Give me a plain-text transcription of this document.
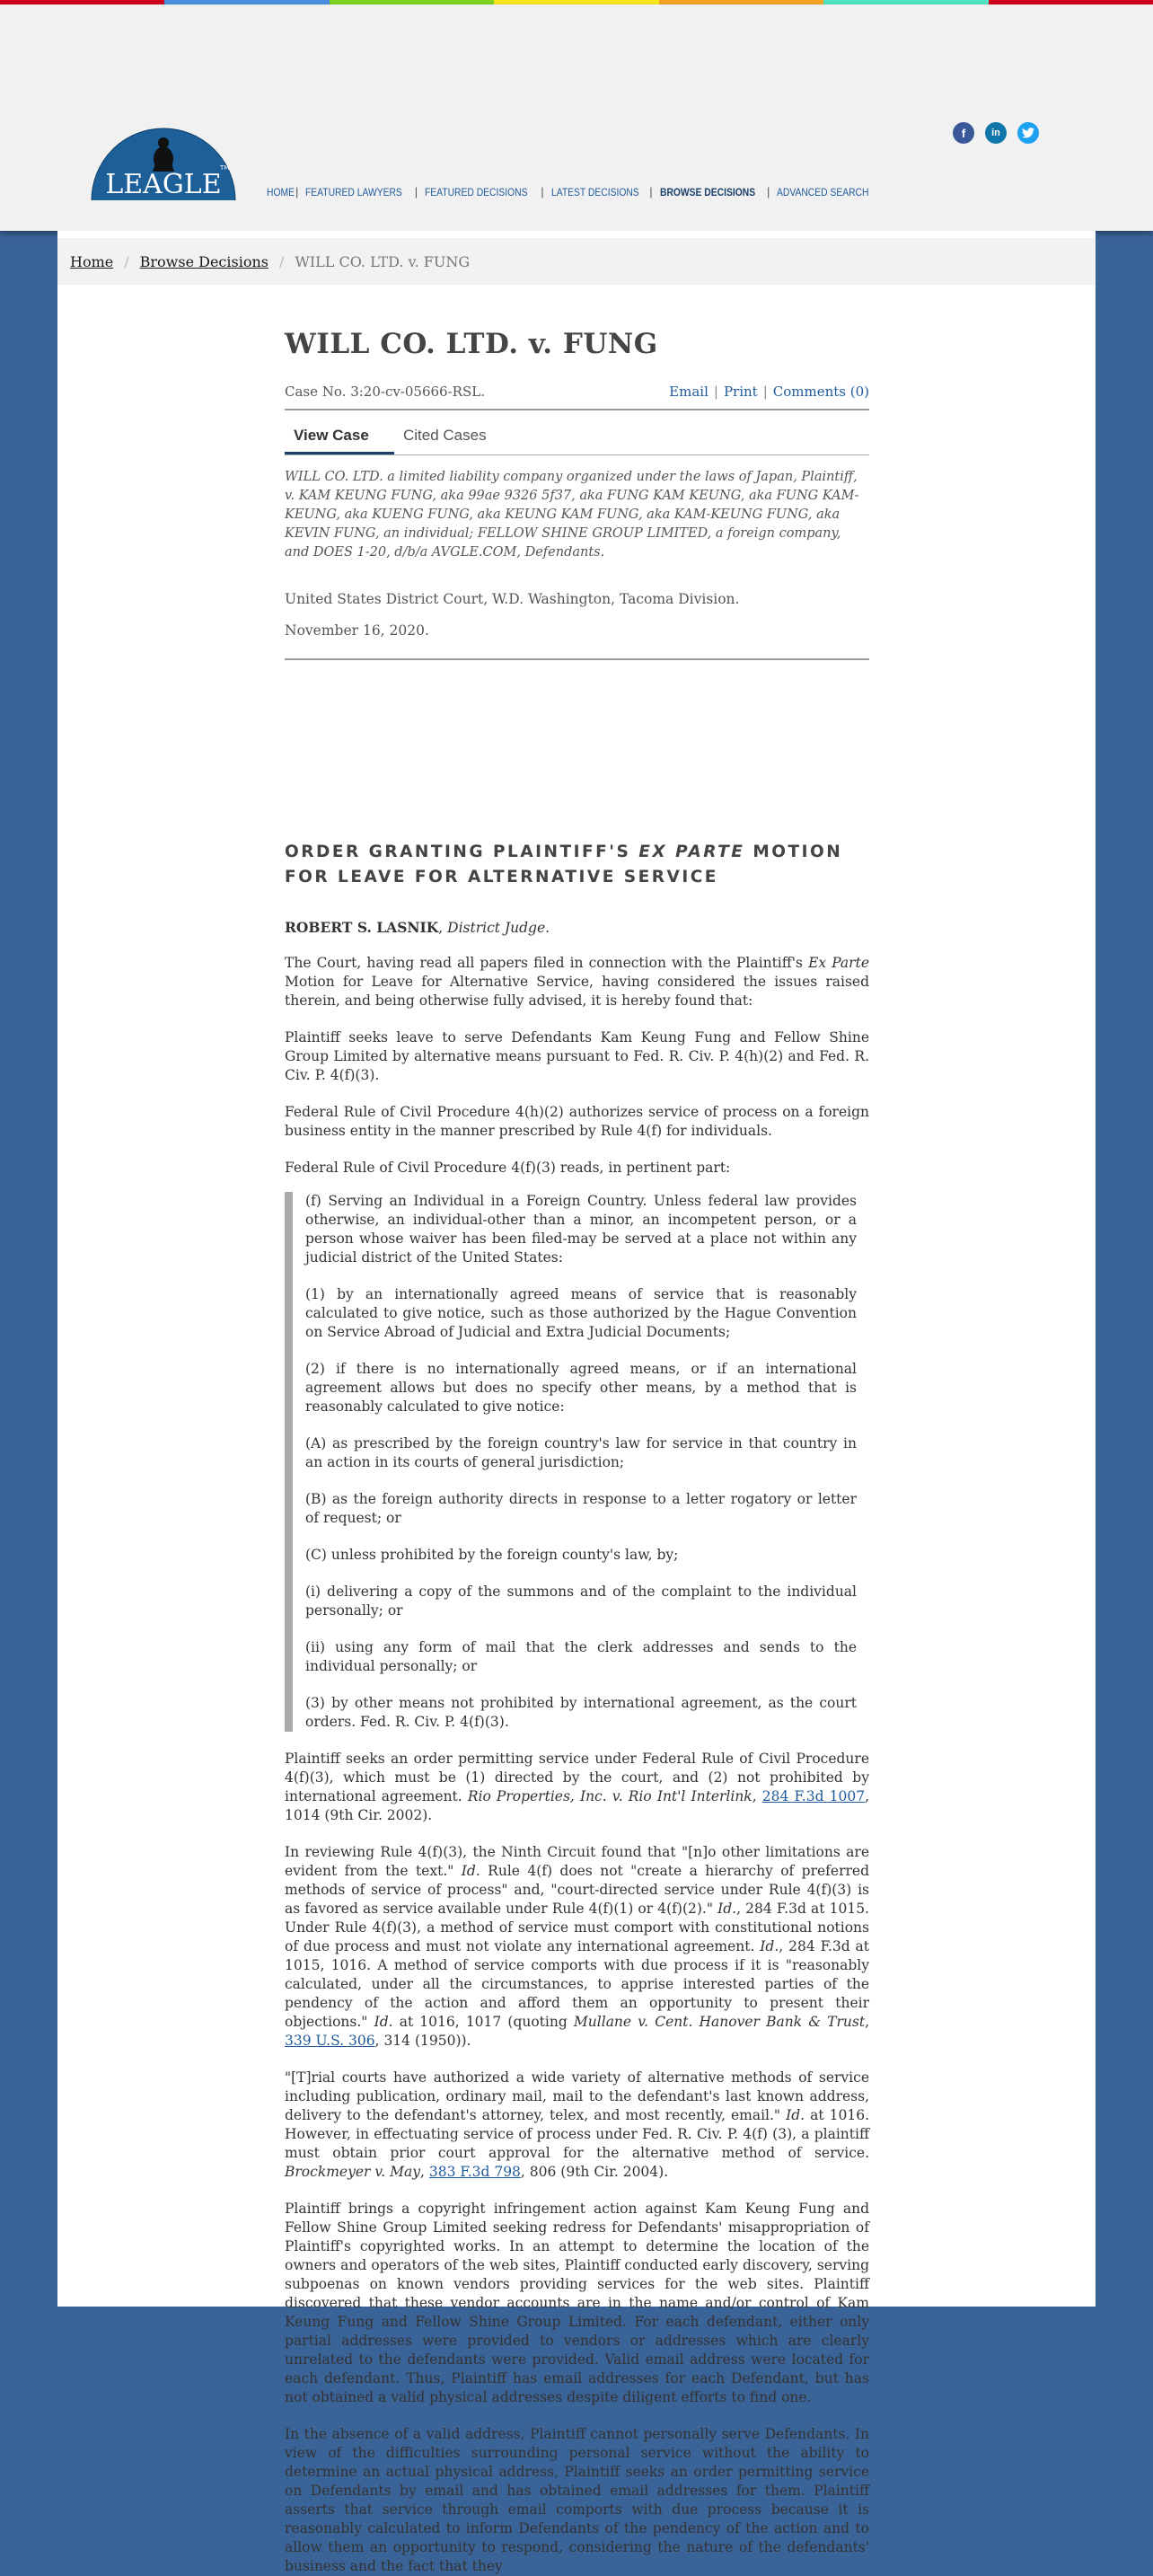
LEAGLE
TM
HOME | FEATURED LAWYERS | FEATURED DECISIONS | LATEST DECISIONS | BROWSE DECISIONS | ADVANCED SEARCH
f	in
Home / Browse Decisions / WILL CO. LTD. v. FUNG
WILL CO. LTD. v. FUNG
Case No. 3:20-cv-05666-RSL.	Email | Print | Comments (0)
View Case	Cited Cases

WILL CO. LTD. a limited liability company organized under the laws of Japan, Plaintiff, v. KAM KEUNG FUNG, aka 99ae 9326 5f37, aka FUNG KAM KEUNG, aka FUNG KAM-KEUNG, aka KUENG FUNG, aka KEUNG KAM FUNG, aka KAM-KEUNG FUNG, aka KEVIN FUNG, an individual; FELLOW SHINE GROUP LIMITED, a foreign company, and DOES 1-20, d/b/a AVGLE.COM, Defendants.

United States District Court, W.D. Washington, Tacoma Division.

November 16, 2020.

ORDER GRANTING PLAINTIFF'S EX PARTE MOTION FOR LEAVE FOR ALTERNATIVE SERVICE

ROBERT S. LASNIK, District Judge.

The Court, having read all papers filed in connection with the Plaintiff's Ex Parte Motion for Leave for Alternative Service, having considered the issues raised therein, and being otherwise fully advised, it is hereby found that:

Plaintiff seeks leave to serve Defendants Kam Keung Fung and Fellow Shine Group Limited by alternative means pursuant to Fed. R. Civ. P. 4(h)(2) and Fed. R. Civ. P. 4(f)(3).

Federal Rule of Civil Procedure 4(h)(2) authorizes service of process on a foreign business entity in the manner prescribed by Rule 4(f) for individuals.

Federal Rule of Civil Procedure 4(f)(3) reads, in pertinent part:

(f) Serving an Individual in a Foreign Country. Unless federal law provides otherwise, an individual-other than a minor, an incompetent person, or a person whose waiver has been filed-may be served at a place not within any judicial district of the United States:

(1) by an internationally agreed means of service that is reasonably calculated to give notice, such as those authorized by the Hague Convention on Service Abroad of Judicial and Extra Judicial Documents;

(2) if there is no internationally agreed means, or if an international agreement allows but does no specify other means, by a method that is reasonably calculated to give notice:

(A) as prescribed by the foreign country's law for service in that country in an action in its courts of general jurisdiction;

(B) as the foreign authority directs in response to a letter rogatory or letter of request; or

(C) unless prohibited by the foreign county's law, by;

(i) delivering a copy of the summons and of the complaint to the individual personally; or

(ii) using any form of mail that the clerk addresses and sends to the individual personally; or

(3) by other means not prohibited by international agreement, as the court orders. Fed. R. Civ. P. 4(f)(3).

Plaintiff seeks an order permitting service under Federal Rule of Civil Procedure 4(f)(3), which must be (1) directed by the court, and (2) not prohibited by international agreement. Rio Properties, Inc. v. Rio Int'l Interlink, 284 F.3d 1007, 1014 (9th Cir. 2002).

In reviewing Rule 4(f)(3), the Ninth Circuit found that "[n]o other limitations are evident from the text." Id. Rule 4(f) does not "create a hierarchy of preferred methods of service of process" and, "court-directed service under Rule 4(f)(3) is as favored as service available under Rule 4(f)(1) or 4(f)(2)." Id., 284 F.3d at 1015. Under Rule 4(f)(3), a method of service must comport with constitutional notions of due process and must not violate any international agreement. Id., 284 F.3d at 1015, 1016. A method of service comports with due process if it is "reasonably calculated, under all the circumstances, to apprise interested parties of the pendency of the action and afford them an opportunity to present their objections." Id. at 1016, 1017 (quoting Mullane v. Cent. Hanover Bank & Trust, 339 U.S. 306, 314 (1950)).

"[T]rial courts have authorized a wide variety of alternative methods of service including publication, ordinary mail, mail to the defendant's last known address, delivery to the defendant's attorney, telex, and most recently, email." Id. at 1016. However, in effectuating service of process under Fed. R. Civ. P. 4(f) (3), a plaintiff must obtain prior court approval for the alternative method of service. Brockmeyer v. May, 383 F.3d 798, 806 (9th Cir. 2004).

Plaintiff brings a copyright infringement action against Kam Keung Fung and Fellow Shine Group Limited seeking redress for Defendants' misappropriation of Plaintiff's copyrighted works. In an attempt to determine the location of the owners and operators of the web sites, Plaintiff conducted early discovery, serving subpoenas on known vendors providing services for the web sites. Plaintiff discovered that these vendor accounts are in the name and/or control of Kam Keung Fung and Fellow Shine Group Limited. For each defendant, either only partial addresses were provided to vendors or addresses which are clearly unrelated to the defendants were provided. Valid email address were located for each defendant. Thus, Plaintiff has email addresses for each Defendant, but has not obtained a valid physical addresses despite diligent efforts to find one.

In the absence of a valid address, Plaintiff cannot personally serve Defendants. In view of the difficulties surrounding personal service without the ability to determine an actual physical address, Plaintiff seeks an order permitting service on Defendants by email and has obtained email addresses for them. Plaintiff asserts that service through email comports with due process because it is reasonably calculated to inform Defendants of the pendency of the action and to allow them an opportunity to respond, considering the nature of the defendants' business and the fact that they
